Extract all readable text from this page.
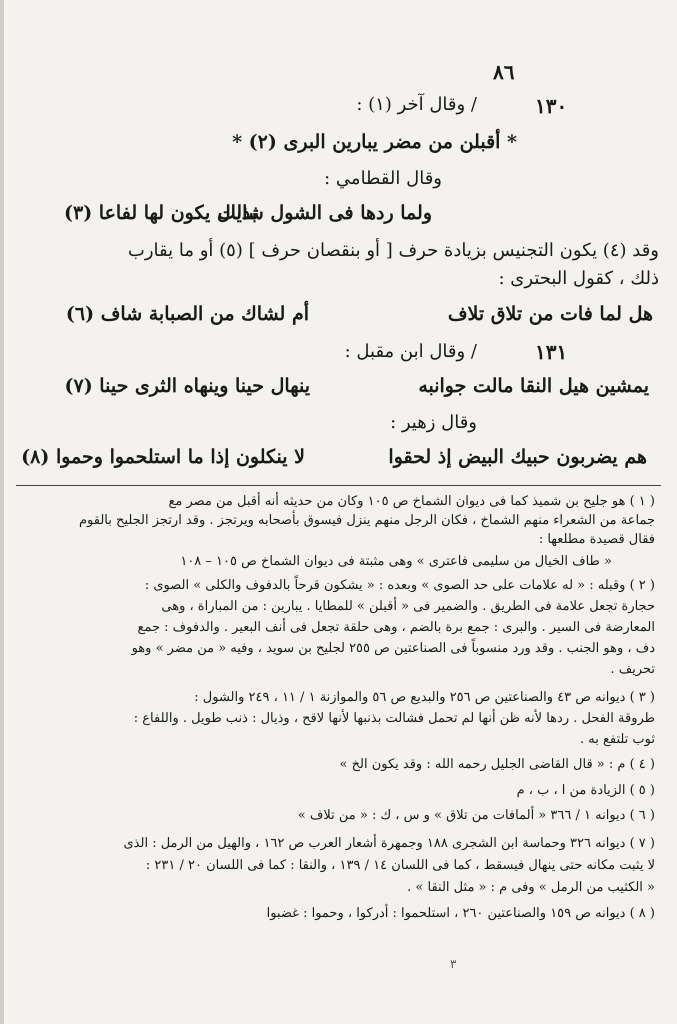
٨٦
١٣٠
/ وقال آخر (١) :
* أقبلن من مضر يبارين البرى (٢) *
وقال القطامي :
ولما ردها فى الشول شالت
بذيال يكون لها لفاعا (٣)
وقد (٤) يكون التجنيس بزيادة حرف [ أو بنقصان حرف ] (٥) أو ما يقارب
ذلك ، كقول البحترى :
هل لما فات من تلاق تلاف
أم لشاك من الصبابة شاف (٦)
١٣١
/ وقال ابن مقبل :
يمشين هيل النقا مالت جوانبه
ينهال حينا وينهاه الثرى حينا (٧)
وقال زهير :
هم يضربون حبيك البيض إذ لحقوا
لا ينكلون إذا ما استلحموا وحموا (٨)
( ١ ) هو جليح بن شميذ كما فى ديوان الشماخ ص ١٠٥ وكان من حديثه أنه أقبل من مصر مع
جماعة من الشعراء منهم الشماخ ، فكان الرجل منهم ينزل فيسوق بأصحابه ويرتجز . وقد ارتجز الجليح بالقوم
فقال قصيدة مطلعها :
« طاف الخيال من سليمى فاعترى » وهى مثبتة فى ديوان الشماخ ص ١٠٥ – ١٠٨
( ٢ ) وقبله : « له علامات على حد الصوى » وبعده : « يشكون قرحاً بالدفوف والكلى » الصوى :
حجارة تجعل علامة فى الطريق . والضمير فى « أقبلن » للمطايا . يبارين : من المباراة ، وهى
المعارضة فى السير . والبرى : جمع برة بالضم ، وهى حلقة تجعل فى أنف البعير . والدفوف : جمع
دف ، وهو الجنب . وقد ورد منسوباً فى الصناعتين ص ٢٥٥ لجليح بن سويد ، وفيه « من مضر » وهو
تحريف .
( ٣ ) ديوانه ص ٤٣ والصناعتين ص ٢٥٦ والبديع ص ٥٦ والموازنة ١ / ١١ ، ٢٤٩ والشول :
طروقة الفحل . ردها لأنه ظن أنها لم تحمل فشالت بذنبها لأنها لاقح ، وذيال : ذنب طويل . واللفاع :
ثوب تلتفع به .
( ٤ ) م : « قال القاضى الجليل رحمه الله : وقد يكون الخ »
( ٥ ) الزيادة من ا ، ب ، م
( ٦ ) ديوانه ١ / ٣٦٦ « ألمافات من تلاق » و س ، ك : « من تلاف »
( ٧ ) ديوانه ٣٢٦ وحماسة ابن الشجرى ١٨٨ وجمهرة أشعار العرب ص ١٦٢ ، والهيل من الرمل : الذى
لا يثبت مكانه حتى ينهال فيسقط ، كما فى اللسان ١٤ / ١٣٩ ، والنقا : كما فى اللسان ٢٠ / ٢٣١ :
« الكثيب من الرمل » وفى م : « مثل النقا » .
( ٨ ) ديوانه ص ١٥٩ والصناعتين ٢٦٠ ، استلحموا : أدركوا ، وحموا : غضبوا
٣
